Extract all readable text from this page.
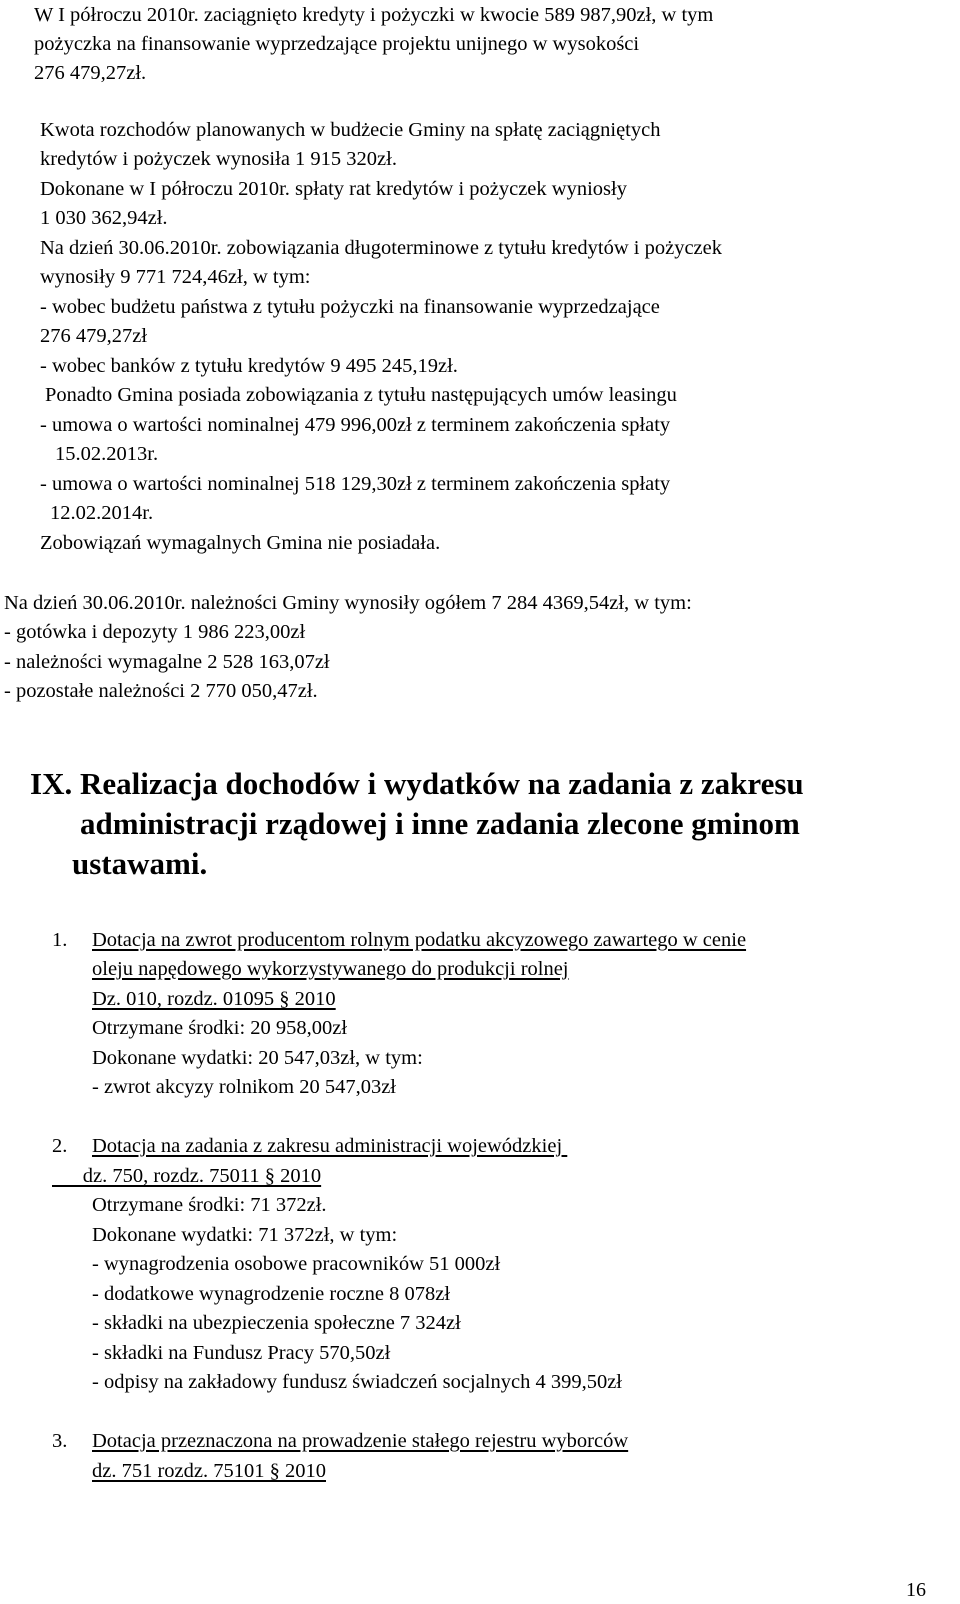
W I półroczu 2010r. zaciągnięto kredyty i pożyczki w kwocie 589 987,90zł, w tym
pożyczka na finansowanie wyprzedzające projektu unijnego w wysokości
276 479,27zł.
Kwota rozchodów planowanych w budżecie Gminy na spłatę zaciągniętych
kredytów i pożyczek wynosiła 1 915 320zł.
Dokonane w I półroczu 2010r. spłaty rat kredytów i pożyczek wyniosły
1 030 362,94zł.
Na dzień 30.06.2010r. zobowiązania długoterminowe z tytułu kredytów i pożyczek
wynosiły 9 771 724,46zł, w tym:
- wobec budżetu państwa z tytułu pożyczki na finansowanie wyprzedzające
276 479,27zł
- wobec banków z tytułu kredytów 9 495 245,19zł.
Ponadto Gmina posiada zobowiązania z tytułu następujących umów leasingu
- umowa o wartości nominalnej 479 996,00zł z terminem zakończenia spłaty
15.02.2013r.
- umowa o wartości nominalnej 518 129,30zł z terminem zakończenia spłaty
12.02.2014r.
Zobowiązań wymagalnych Gmina nie posiadała.
Na dzień 30.06.2010r. należności Gminy wynosiły ogółem 7 284 4369,54zł, w tym:
- gotówka i depozyty 1 986 223,00zł
- należności wymagalne 2 528 163,07zł
- pozostałe należności 2 770 050,47zł.
IX. Realizacja dochodów i wydatków na zadania z zakresu
administracji rządowej i inne zadania zlecone gminom
ustawami.
1. Dotacja na zwrot producentom rolnym podatku akcyzowego zawartego w cenie
oleju napędowego wykorzystywanego do produkcji rolnej
Dz. 010, rozdz. 01095 § 2010
Otrzymane środki: 20 958,00zł
Dokonane wydatki: 20 547,03zł, w tym:
- zwrot akcyzy rolnikom 20 547,03zł
2. Dotacja na zadania z zakresu administracji wojewódzkiej
dz. 750, rozdz. 75011 § 2010
Otrzymane środki: 71 372zł.
Dokonane wydatki: 71 372zł, w tym:
- wynagrodzenia osobowe pracowników 51 000zł
- dodatkowe wynagrodzenie roczne 8 078zł
- składki na ubezpieczenia społeczne 7 324zł
- składki na Fundusz Pracy 570,50zł
- odpisy na zakładowy fundusz świadczeń socjalnych 4 399,50zł
3. Dotacja przeznaczona na prowadzenie stałego rejestru wyborców
dz. 751 rozdz. 75101 § 2010
16
